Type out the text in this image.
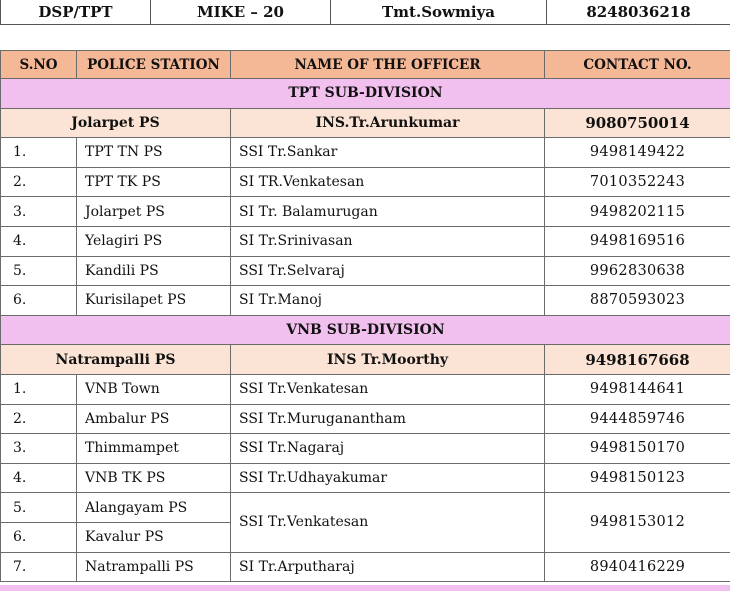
DSP/TPT	MIKE – 20	Tmt.Sowmiya	8248036218
S.NO	POLICE STATION	NAME OF THE OFFICER	CONTACT NO.
TPT SUB-DIVISION			
Jolarpet PS		INS.Tr.Arunkumar	9080750014
1.	TPT TN PS	SSI Tr.Sankar	9498149422
2.	TPT TK PS	SI TR.Venkatesan	7010352243
3.	Jolarpet PS	SI Tr. Balamurugan	9498202115
4.	Yelagiri PS	SI Tr.Srinivasan	9498169516
5.	Kandili PS	SSI Tr.Selvaraj	9962830638
6.	Kurisilapet PS	SI Tr.Manoj	8870593023
VNB SUB-DIVISION			
Natrampalli PS		INS Tr.Moorthy	9498167668
1.	VNB Town	SSI Tr.Venkatesan	9498144641
2.	Ambalur PS	SSI Tr.Muruganantham	9444859746
3.	Thimmampet	SSI Tr.Nagaraj	9498150170
4.	VNB TK PS	SSI Tr.Udhayakumar	9498150123
5.	Alangayam PS	SSI Tr.Venkatesan	9498153012
6.	Kavalur PS		
7.	Natrampalli PS	SI Tr.Arputharaj	8940416229
